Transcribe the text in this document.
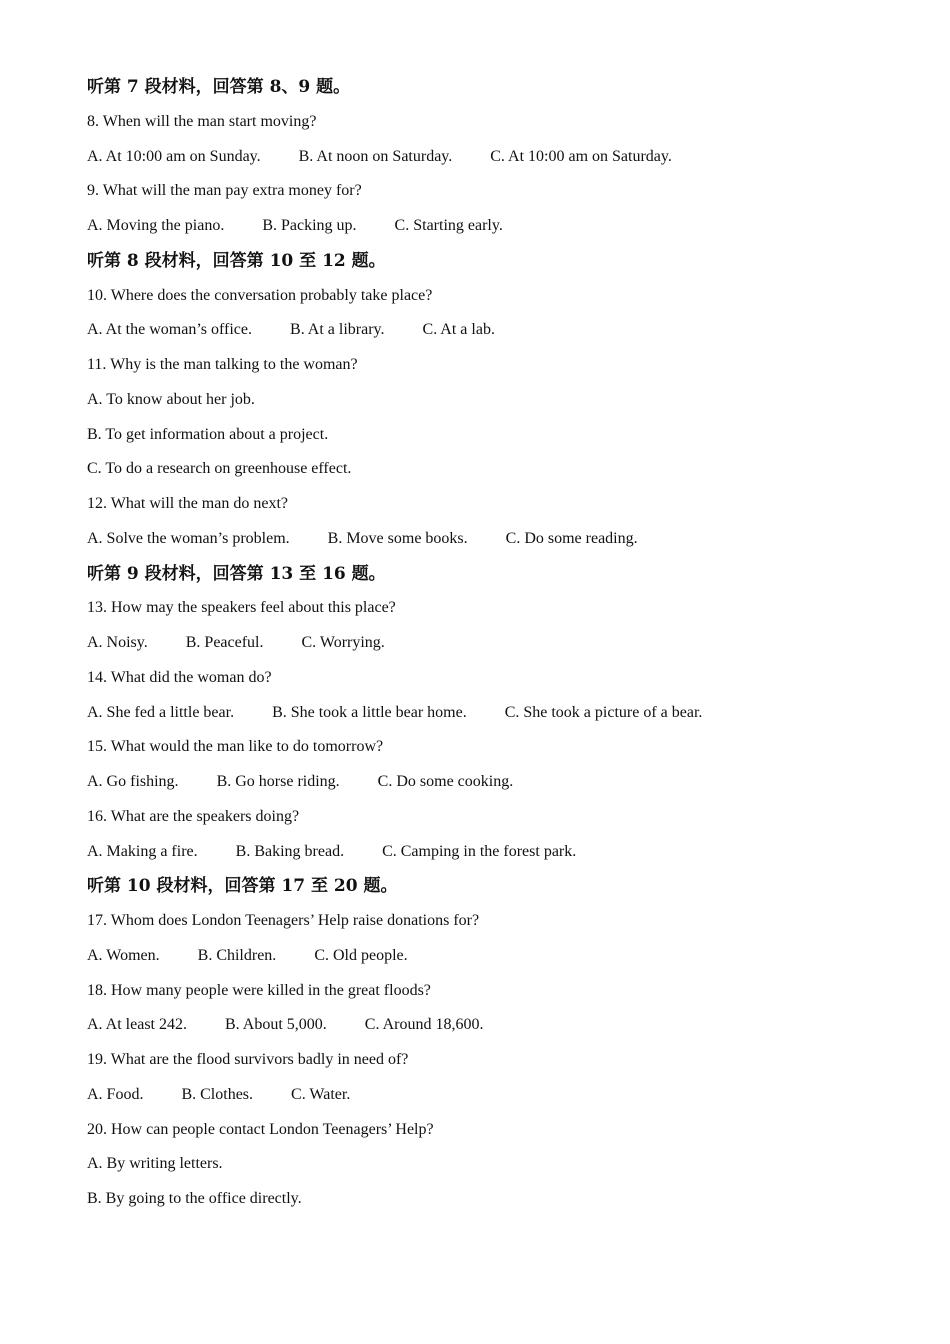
听第 7 段材料，回答第 8、9 题。
8. When will the man start moving?
A. At 10:00 am on Sunday. B. At noon on Saturday. C. At 10:00 am on Saturday.
9. What will the man pay extra money for?
A. Moving the piano. B. Packing up. C. Starting early.
听第 8 段材料，回答第 10 至 12 题。
10. Where does the conversation probably take place?
A. At the woman’s office. B. At a library. C. At a lab.
11. Why is the man talking to the woman?
A. To know about her job.
B. To get information about a project.
C. To do a research on greenhouse effect.
12. What will the man do next?
A. Solve the woman’s problem. B. Move some books. C. Do some reading.
听第 9 段材料，回答第 13 至 16 题。
13. How may the speakers feel about this place?
A. Noisy. B. Peaceful. C. Worrying.
14. What did the woman do?
A. She fed a little bear. B. She took a little bear home. C. She took a picture of a bear.
15. What would the man like to do tomorrow?
A. Go fishing. B. Go horse riding. C. Do some cooking.
16. What are the speakers doing?
A. Making a fire. B. Baking bread. C. Camping in the forest park.
听第 10 段材料，回答第 17 至 20 题。
17. Whom does London Teenagers’ Help raise donations for?
A. Women. B. Children. C. Old people.
18. How many people were killed in the great floods?
A. At least 242. B. About 5,000. C. Around 18,600.
19. What are the flood survivors badly in need of?
A. Food. B. Clothes. C. Water.
20. How can people contact London Teenagers’ Help?
A. By writing letters.
B. By going to the office directly.
